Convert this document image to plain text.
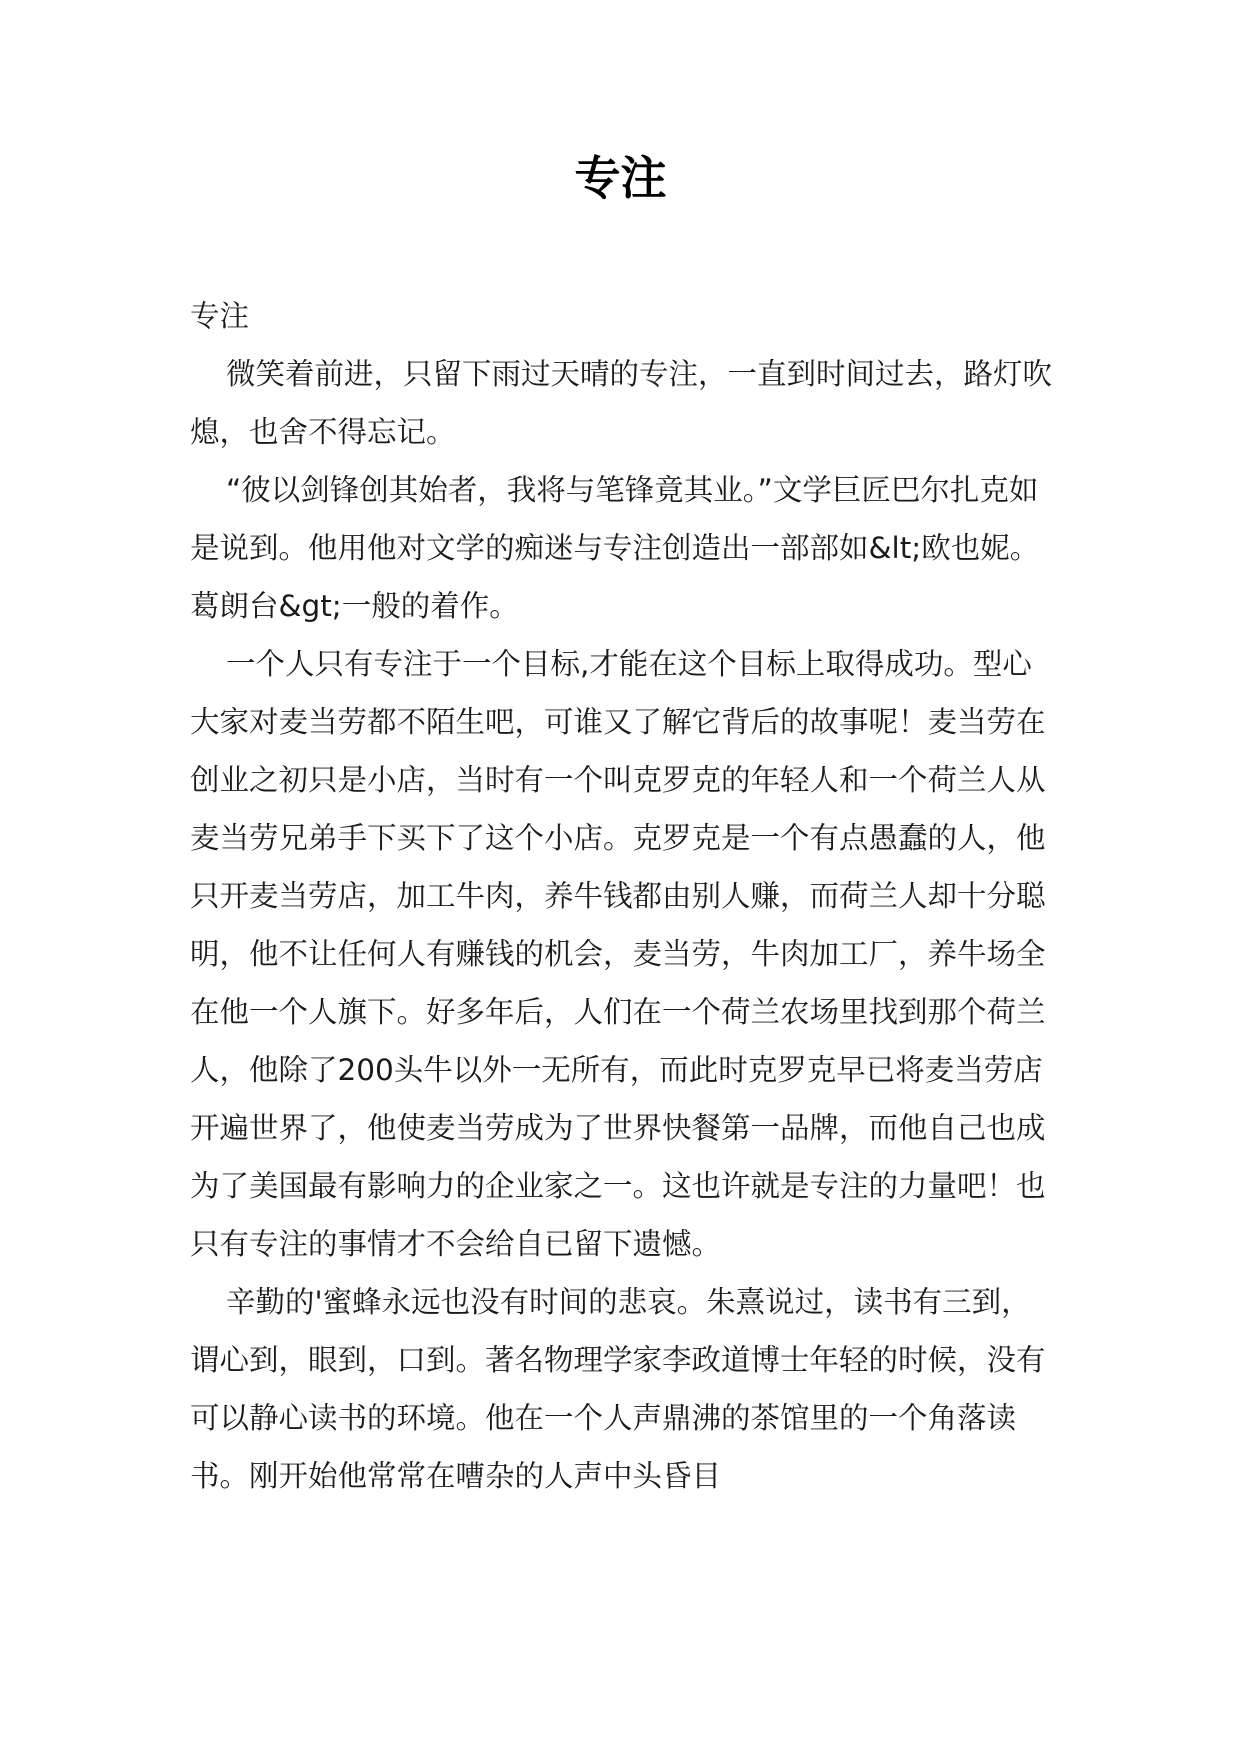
专注

专注

微笑着前进，只留下雨过天晴的专注，一直到时间过去，路灯吹熄，也舍不得忘记。

“彼以剑锋创其始者，我将与笔锋竟其业。”文学巨匠巴尔扎克如是说到。他用他对文学的痴迷与专注创造出一部部如&lt;欧也妮。葛朗台&gt;一般的着作。

一个人只有专注于一个目标,才能在这个目标上取得成功。型心大家对麦当劳都不陌生吧，可谁又了解它背后的故事呢！麦当劳在创业之初只是小店，当时有一个叫克罗克的年轻人和一个荷兰人从麦当劳兄弟手下买下了这个小店。克罗克是一个有点愚蠢的人，他只开麦当劳店，加工牛肉，养牛钱都由别人赚，而荷兰人却十分聪明，他不让任何人有赚钱的机会，麦当劳，牛肉加工厂，养牛场全在他一个人旗下。好多年后，人们在一个荷兰农场里找到那个荷兰人，他除了200头牛以外一无所有，而此时克罗克早已将麦当劳店开遍世界了，他使麦当劳成为了世界快餐第一品牌，而他自己也成为了美国最有影响力的企业家之一。这也许就是专注的力量吧！也只有专注的事情才不会给自已留下遗憾。

辛勤的'蜜蜂永远也没有时间的悲哀。朱熹说过，读书有三到，谓心到，眼到，口到。著名物理学家李政道博士年轻的时候，没有可以静心读书的环境。他在一个人声鼎沸的茶馆里的一个角落读书。刚开始他常常在嘈杂的人声中头昏目
